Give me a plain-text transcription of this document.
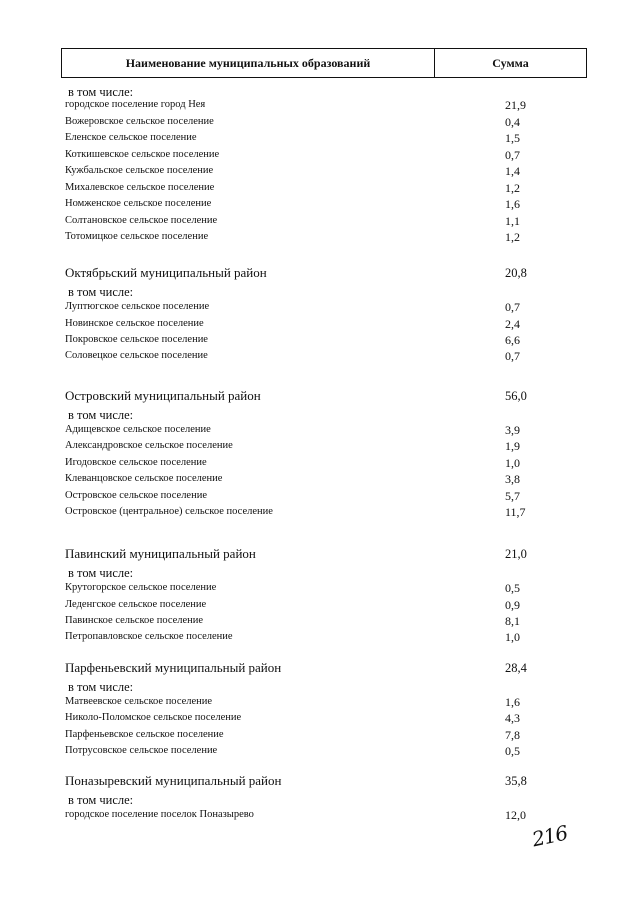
Наименование муниципальных образований	Сумма
в том числе:
городское поселение город Нея	21,9
Вожеровское сельское поселение	0,4
Еленское сельское поселение	1,5
Коткишевское сельское поселение	0,7
Кужбальское сельское поселение	1,4
Михалевское сельское поселение	1,2
Номженское сельское поселение	1,6
Солтановское сельское поселение	1,1
Тотомицкое сельское поселение	1,2
Октябрьский муниципальный район	20,8
в том числе:
Луптюгское сельское поселение	0,7
Новинское сельское поселение	2,4
Покровское сельское поселение	6,6
Соловецкое сельское поселение	0,7
Островский муниципальный район	56,0
в том числе:
Адищевское сельское поселение	3,9
Александровское сельское поселение	1,9
Игодовское сельское поселение	1,0
Клеванцовское сельское поселение	3,8
Островское сельское поселение	5,7
Островское (центральное) сельское поселение	11,7
Павинский муниципальный район	21,0
в том числе:
Крутогорское сельское поселение	0,5
Леденгское сельское поселение	0,9
Павинское сельское поселение	8,1
Петропавловское сельское поселение	1,0
Парфеньевский муниципальный район	28,4
в том числе:
Матвеевское сельское поселение	1,6
Николо-Поломское сельское поселение	4,3
Парфеньевское сельское поселение	7,8
Потрусовское сельское поселение	0,5
Поназыревский муниципальный район	35,8
в том числе:
городское поселение поселок Поназырево	12,0
216
